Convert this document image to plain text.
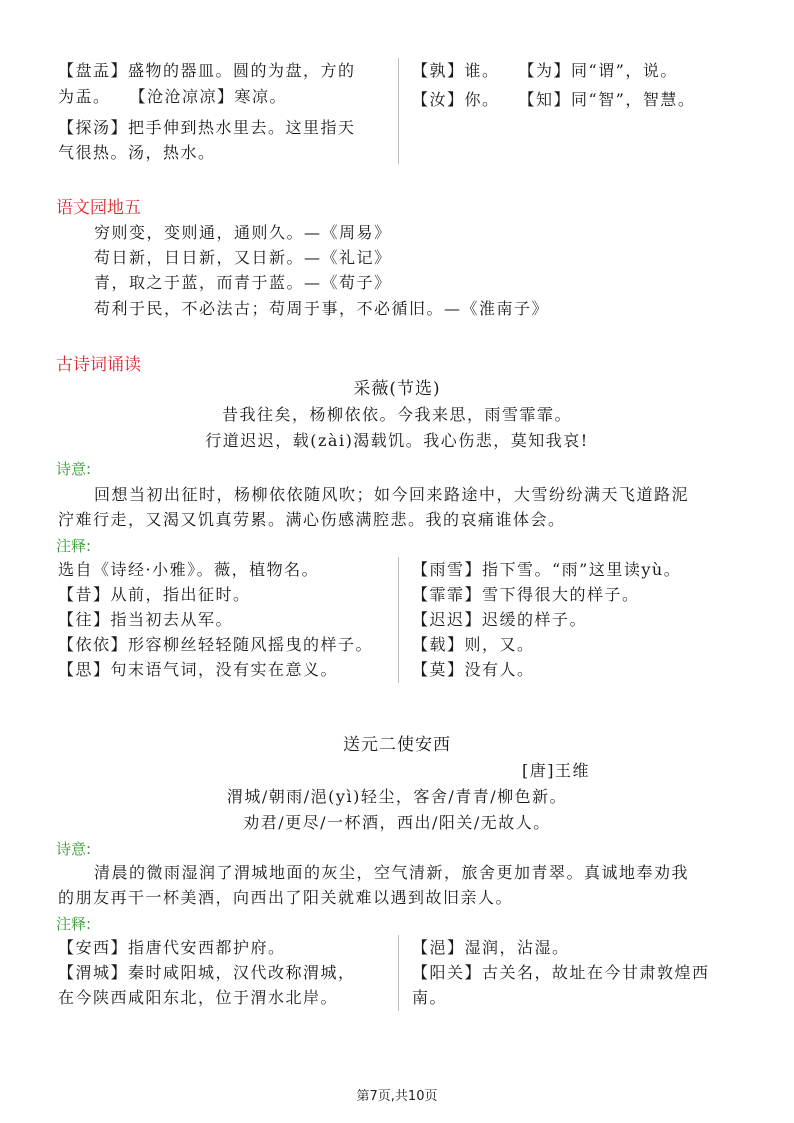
【盘盂】盛物的器皿。圆的为盘，方的
为盂。　　【沧沧凉凉】寒凉。
【探汤】把手伸到热水里去。这里指天
气很热。汤，热水。
【孰】谁。　　【为】同“谓”，说。
【汝】你。　　【知】同“智”，智慧。
语文园地五
穷则变，变则通，通则久。—《周易》
苟日新，日日新，又日新。—《礼记》
青，取之于蓝，而青于蓝。—《荀子》
苟利于民，不必法古；苟周于事，不必循旧。—《淮南子》
古诗词诵读
采薇(节选)
昔我往矣，杨柳依依。今我来思，雨雪霏霏。
行道迟迟，载(zài)渴载饥。我心伤悲，莫知我哀!
诗意:
回想当初出征时，杨柳依依随风吹；如今回来路途中，大雪纷纷满天飞道路泥
泞难行走，又渴又饥真劳累。满心伤感满腔悲。我的哀痛谁体会。
注释:
选自《诗经·小雅》。薇，植物名。
【昔】从前，指出征时。
【往】指当初去从军。
【依依】形容柳丝轻轻随风摇曳的样子。
【思】句末语气词，没有实在意义。
【雨雪】指下雪。“雨”这里读yù。
【霏霏】雪下得很大的样子。
【迟迟】迟缓的样子。
【载】则，又。
【莫】没有人。
送元二使安西
[唐]王维
渭城/朝雨/浥(yì)轻尘，客舍/青青/柳色新。
劝君/更尽/一杯酒，西出/阳关/无故人。
诗意:
清晨的微雨湿润了渭城地面的灰尘，空气清新，旅舍更加青翠。真诚地奉劝我
的朋友再干一杯美酒，向西出了阳关就难以遇到故旧亲人。
注释:
【安西】指唐代安西都护府。
【渭城】秦时咸阳城，汉代改称渭城，
在今陕西咸阳东北，位于渭水北岸。
【浥】湿润，沾湿。
【阳关】古关名，故址在今甘肃敦煌西
南。
第7页,共10页
